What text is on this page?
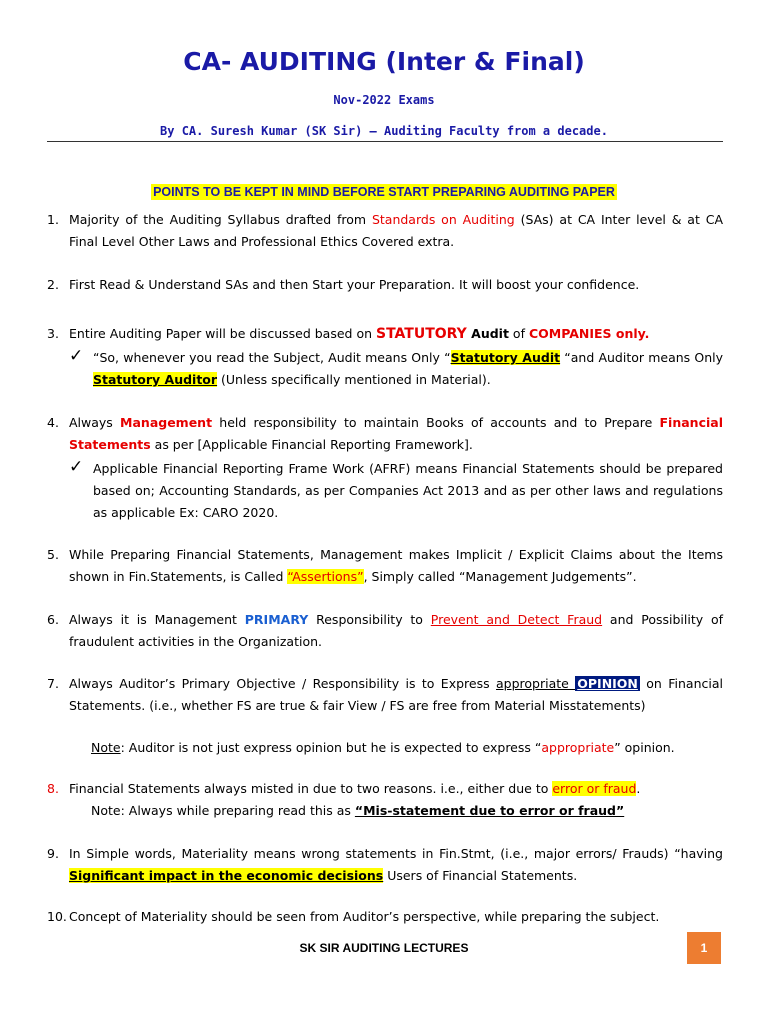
CA- AUDITING (Inter & Final)
Nov-2022 Exams
By CA. Suresh Kumar (SK Sir) – Auditing Faculty from a decade.
POINTS TO BE KEPT IN MIND BEFORE START PREPARING AUDITING PAPER
1. Majority of the Auditing Syllabus drafted from Standards on Auditing (SAs) at CA Inter level & at CA Final Level Other Laws and Professional Ethics Covered extra.
2. First Read & Understand SAs and then Start your Preparation. It will boost your confidence.
3. Entire Auditing Paper will be discussed based on STATUTORY Audit of COMPANIES only.
✓ “So, whenever you read the Subject, Audit means Only “Statutory Audit “and Auditor means Only Statutory Auditor (Unless specifically mentioned in Material).
4. Always Management held responsibility to maintain Books of accounts and to Prepare Financial Statements as per [Applicable Financial Reporting Framework].
✓ Applicable Financial Reporting Frame Work (AFRF) means Financial Statements should be prepared based on; Accounting Standards, as per Companies Act 2013 and as per other laws and regulations as applicable Ex: CARO 2020.
5. While Preparing Financial Statements, Management makes Implicit / Explicit Claims about the Items shown in Fin.Statements, is Called “Assertions”, Simply called “Management Judgements”.
6. Always it is Management PRIMARY Responsibility to Prevent and Detect Fraud and Possibility of fraudulent activities in the Organization.
7. Always Auditor’s Primary Objective / Responsibility is to Express appropriate OPINION on Financial Statements. (i.e., whether FS are true & fair View / FS are free from Material Misstatements)
Note: Auditor is not just express opinion but he is expected to express “appropriate” opinion.
8. Financial Statements always misted in due to two reasons. i.e., either due to error or fraud.
Note: Always while preparing read this as “Mis-statement due to error or fraud”
9. In Simple words, Materiality means wrong statements in Fin.Stmt, (i.e., major errors/ Frauds) “having Significant impact in the economic decisions Users of Financial Statements.
10. Concept of Materiality should be seen from Auditor’s perspective, while preparing the subject.
SK SIR AUDITING LECTURES	1
